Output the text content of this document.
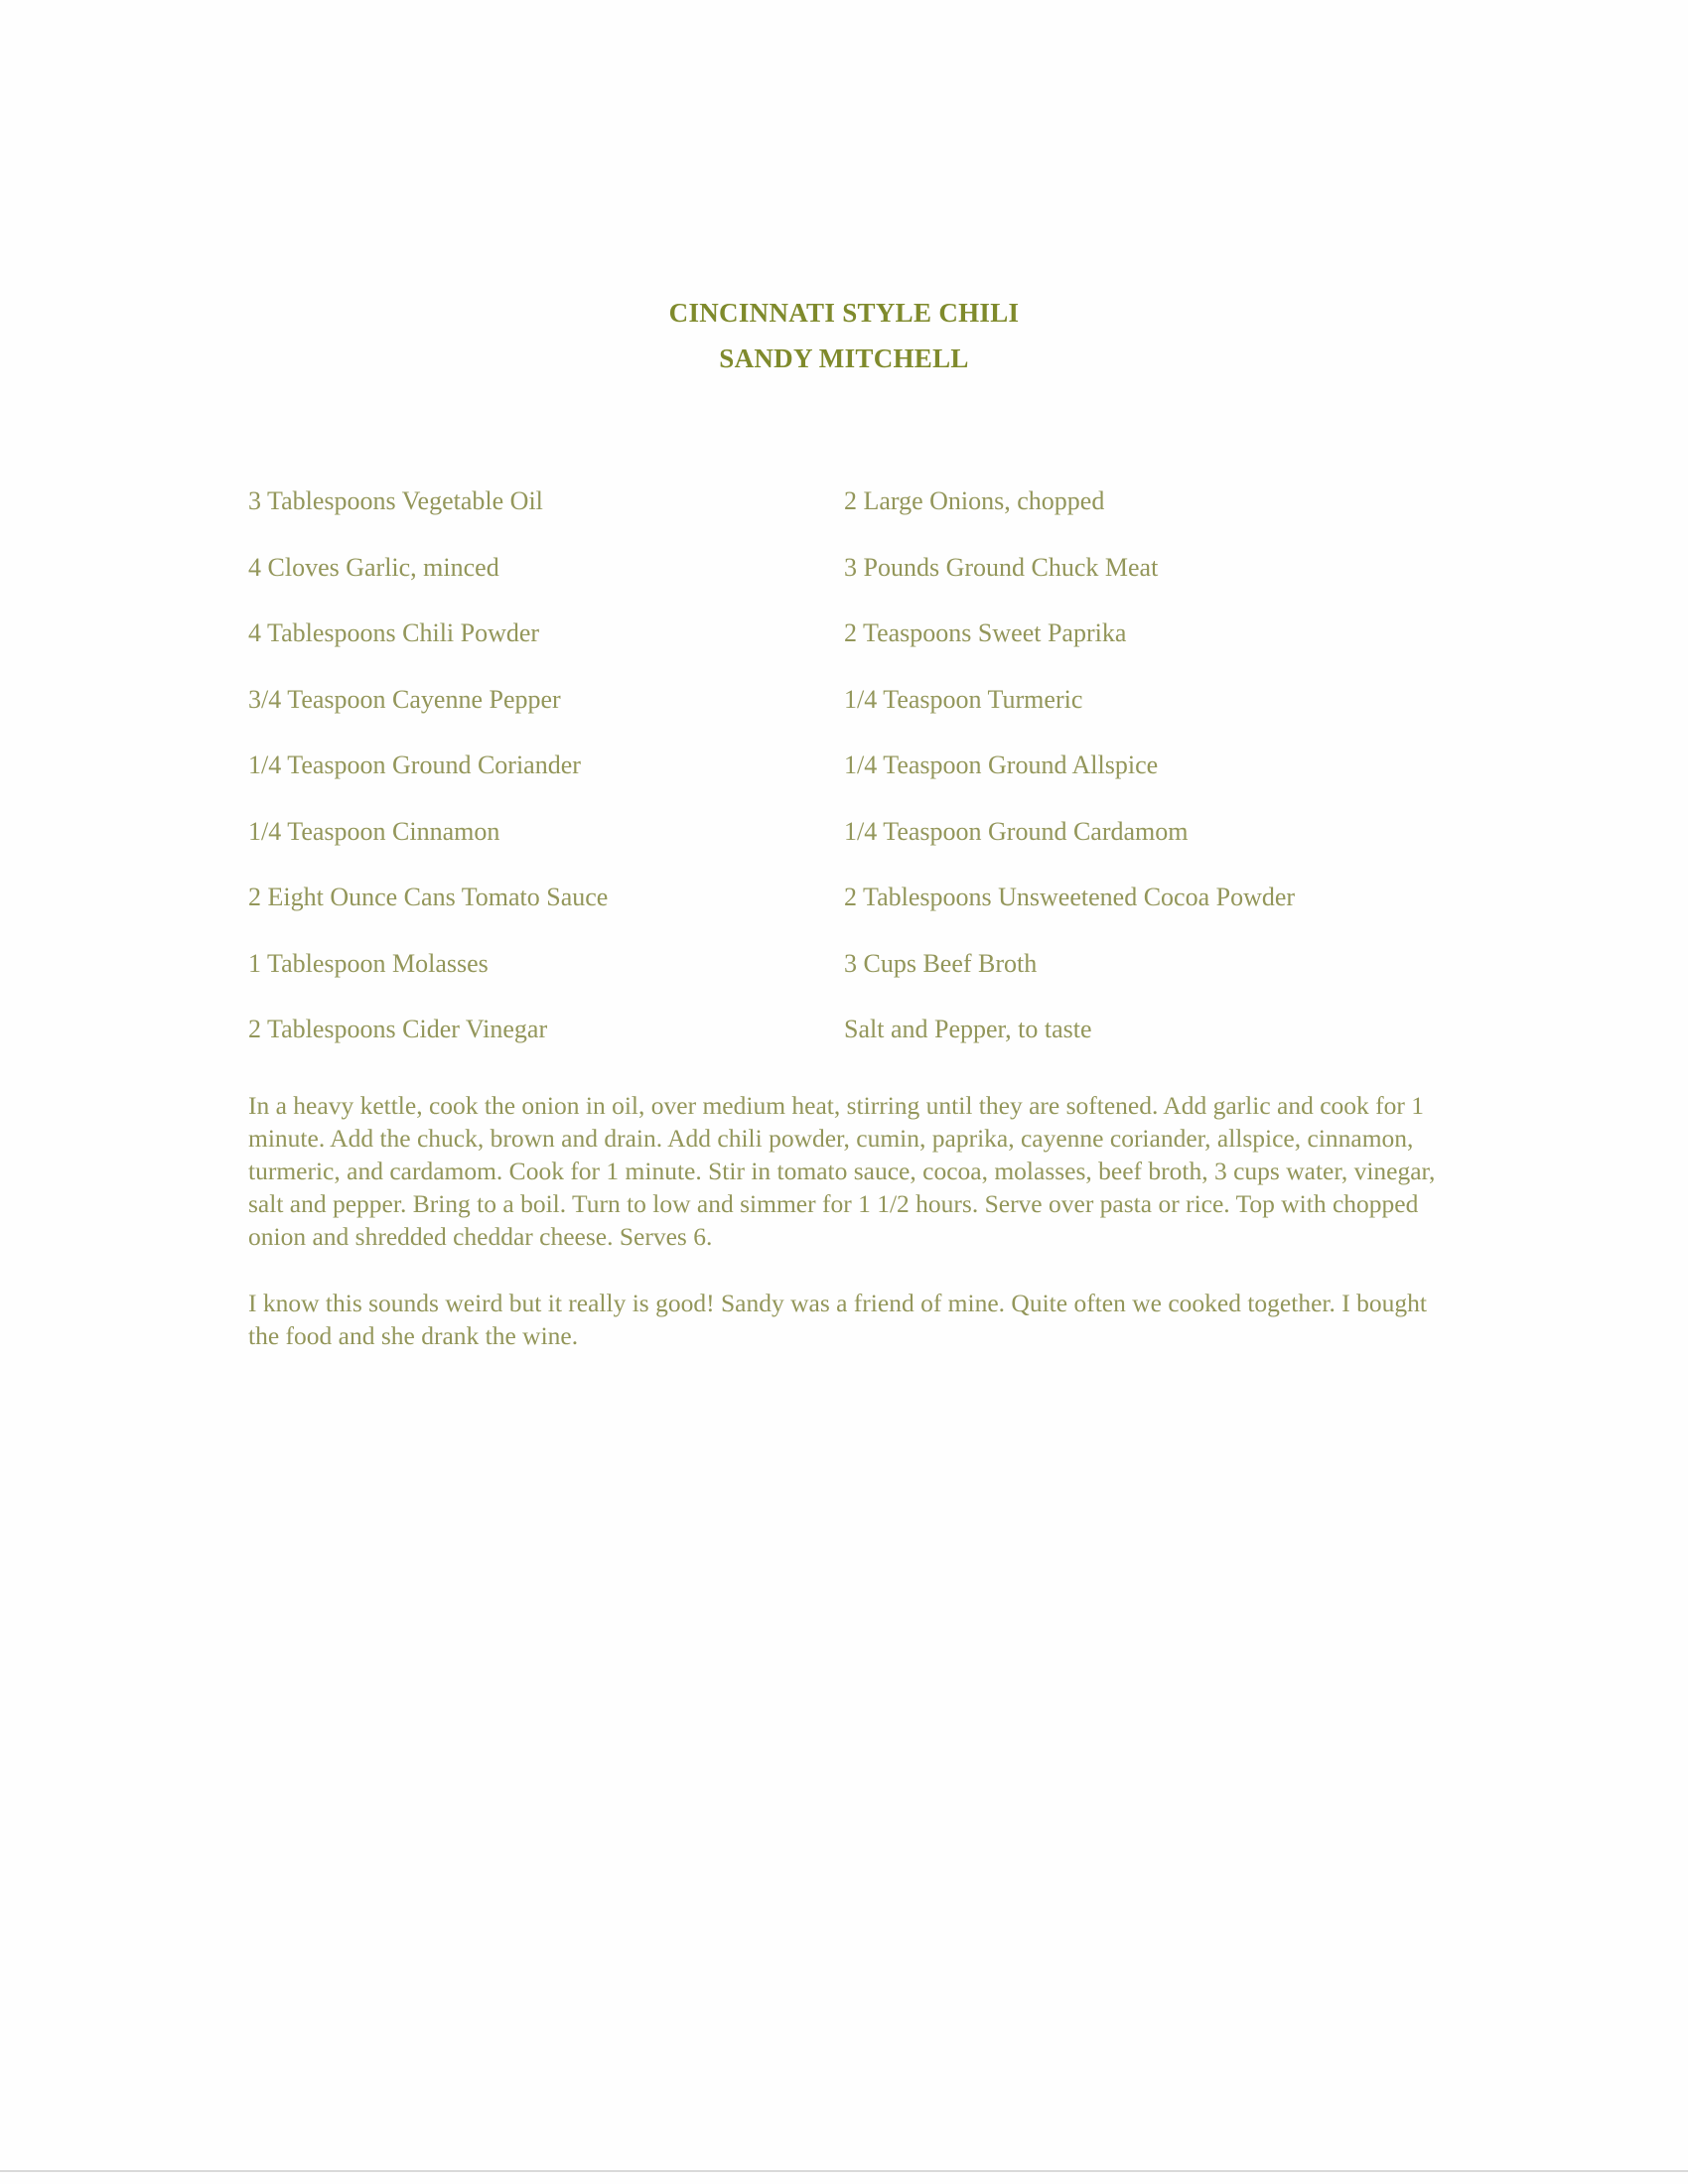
CINCINNATI STYLE CHILI
SANDY MITCHELL
3 Tablespoons Vegetable Oil	2 Large Onions, chopped
4 Cloves Garlic, minced	3 Pounds Ground Chuck Meat
4 Tablespoons Chili Powder	2 Teaspoons Sweet Paprika
3/4 Teaspoon Cayenne Pepper	1/4 Teaspoon Turmeric
1/4 Teaspoon Ground Coriander	1/4 Teaspoon Ground Allspice
1/4 Teaspoon Cinnamon	1/4 Teaspoon Ground Cardamom
2 Eight Ounce Cans Tomato Sauce	2 Tablespoons Unsweetened Cocoa Powder
1 Tablespoon Molasses	3 Cups Beef Broth
2 Tablespoons Cider Vinegar	Salt and Pepper, to taste

In a heavy kettle, cook the onion in oil, over medium heat, stirring until they are softened. Add garlic and cook for 1 minute. Add the chuck, brown and drain. Add chili powder, cumin, paprika, cayenne coriander, allspice, cinnamon, turmeric, and cardamom. Cook for 1 minute. Stir in tomato sauce, cocoa, molasses, beef broth, 3 cups water, vinegar, salt and pepper. Bring to a boil. Turn to low and simmer for 1 1/2 hours. Serve over pasta or rice. Top with chopped onion and shredded cheddar cheese. Serves 6.

I know this sounds weird but it really is good! Sandy was a friend of mine. Quite often we cooked together. I bought the food and she drank the wine.
